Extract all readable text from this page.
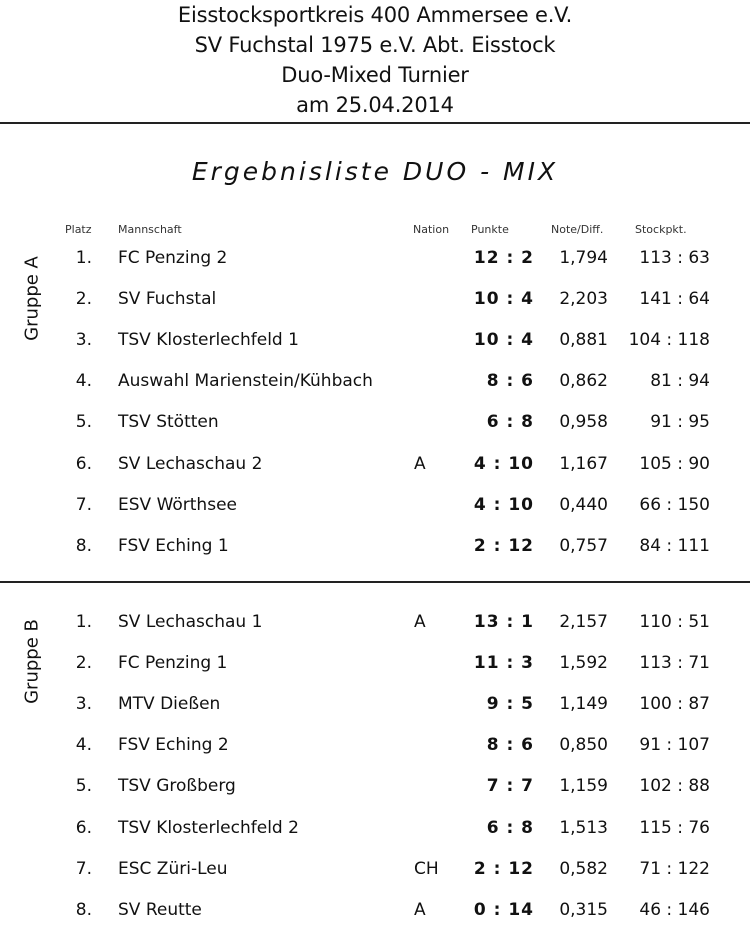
Eisstocksportkreis 400 Ammersee e.V.
SV Fuchstal 1975 e.V. Abt. Eisstock
Duo-Mixed Turnier
am 25.04.2014
Ergebnisliste DUO - MIX
Platz Mannschaft	Nation Punkte	Note/Diff.	Stockpkt.
Gruppe A
Gruppe B
1. FC Penzing 2	12 : 2	1,794	113 : 63
2. SV Fuchstal	10 : 4	2,203	141 : 64
3. TSV Klosterlechfeld 1	10 : 4	0,881 104 : 118
4. Auswahl Marienstein/Kühbach	8 : 6	0,862	81 : 94
5. TSV Stötten	6 : 8	0,958	91 : 95
6. SV Lechaschau 2	A	4 : 10	1,167	105 : 90
7. ESV Wörthsee	4 : 10	0,440	66 : 150
8. FSV Eching 1	2 : 12	0,757	84 : 111
1. SV Lechaschau 1	A	13 : 1	2,157	110 : 51
2. FC Penzing 1	11 : 3	1,592	113 : 71
3. MTV Dießen	9 : 5	1,149	100 : 87
4. FSV Eching 2	8 : 6	0,850	91 : 107
5. TSV Großberg	7 : 7	1,159	102 : 88
6. TSV Klosterlechfeld 2	6 : 8	1,513	115 : 76
7. ESC Züri-Leu	CH	2 : 12	0,582	71 : 122
8. SV Reutte	A	0 : 14	0,315	46 : 146
